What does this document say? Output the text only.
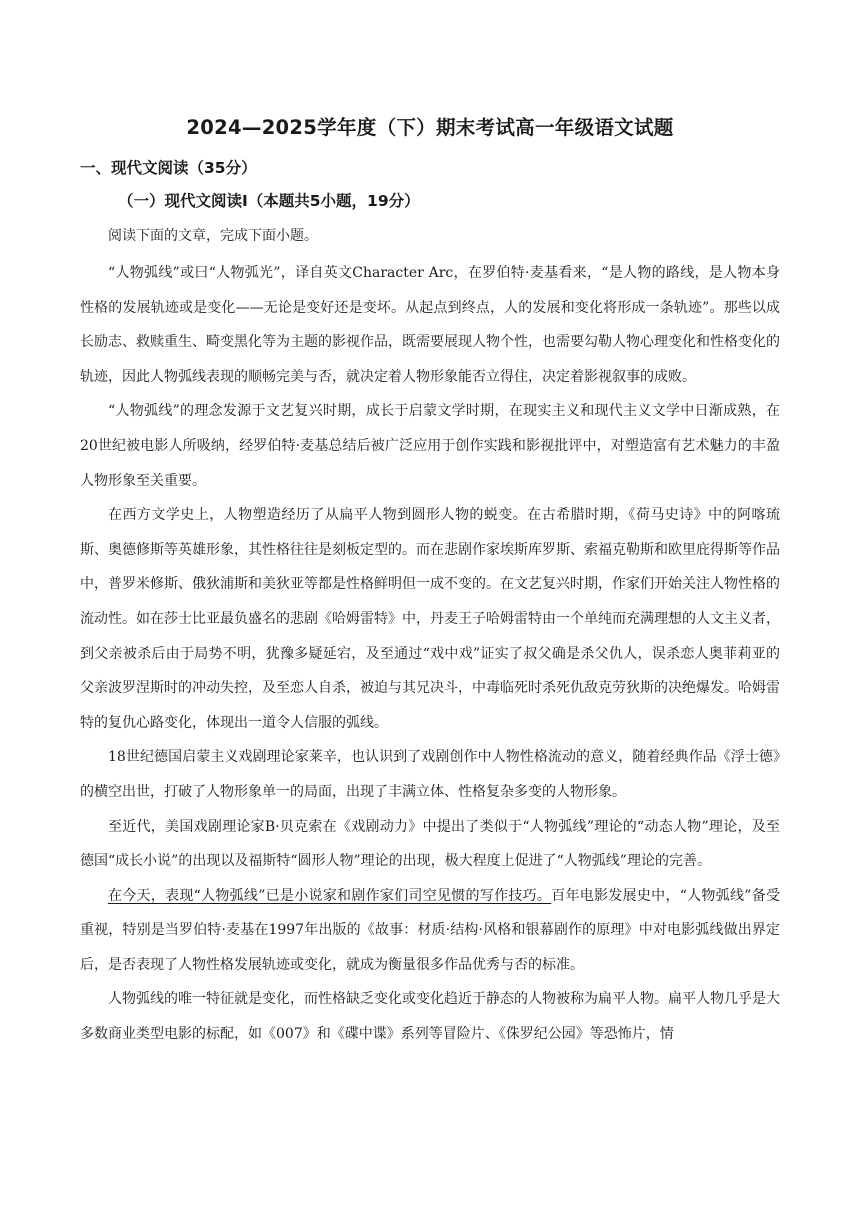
2024—2025学年度（下）期末考试高一年级语文试题
一、现代文阅读（35分）
（一）现代文阅读Ⅰ（本题共5小题，19分）
阅读下面的文章，完成下面小题。

“人物弧线”或曰“人物弧光”，译自英文Character Arc，在罗伯特·麦基看来，“是人物的路线，是人物本身性格的发展轨迹或是变化——无论是变好还是变坏。从起点到终点，人的发展和变化将形成一条轨迹”。那些以成长励志、救赎重生、畸变黑化等为主题的影视作品，既需要展现人物个性，也需要勾勒人物心理变化和性格变化的轨迹，因此人物弧线表现的顺畅完美与否，就决定着人物形象能否立得住，决定着影视叙事的成败。

“人物弧线”的理念发源于文艺复兴时期，成长于启蒙文学时期，在现实主义和现代主义文学中日渐成熟，在20世纪被电影人所吸纳，经罗伯特·麦基总结后被广泛应用于创作实践和影视批评中，对塑造富有艺术魅力的丰盈人物形象至关重要。

在西方文学史上，人物塑造经历了从扁平人物到圆形人物的蜕变。在古希腊时期，《荷马史诗》中的阿喀琉斯、奥德修斯等英雄形象，其性格往往是刻板定型的。而在悲剧作家埃斯库罗斯、索福克勒斯和欧里庇得斯等作品中，普罗米修斯、俄狄浦斯和美狄亚等都是性格鲜明但一成不变的。在文艺复兴时期，作家们开始关注人物性格的流动性。如在莎士比亚最负盛名的悲剧《哈姆雷特》中，丹麦王子哈姆雷特由一个单纯而充满理想的人文主义者，到父亲被杀后由于局势不明，犹豫多疑延宕，及至通过“戏中戏”证实了叔父确是杀父仇人，误杀恋人奥菲莉亚的父亲波罗涅斯时的冲动失控，及至恋人自杀，被迫与其兄决斗，中毒临死时杀死仇敌克劳狄斯的决绝爆发。哈姆雷特的复仇心路变化，体现出一道令人信服的弧线。

18世纪德国启蒙主义戏剧理论家莱辛，也认识到了戏剧创作中人物性格流动的意义，随着经典作品《浮士德》的横空出世，打破了人物形象单一的局面，出现了丰满立体、性格复杂多变的人物形象。

至近代，美国戏剧理论家B·贝克索在《戏剧动力》中提出了类似于“人物弧线”理论的“动态人物”理论，及至德国“成长小说”的出现以及福斯特“圆形人物”理论的出现，极大程度上促进了“人物弧线”理论的完善。

在今天，表现“人物弧线”已是小说家和剧作家们司空见惯的写作技巧。百年电影发展史中，“人物弧线”备受重视，特别是当罗伯特·麦基在1997年出版的《故事：材质·结构·风格和银幕剧作的原理》中对电影弧线做出界定后，是否表现了人物性格发展轨迹或变化，就成为衡量很多作品优秀与否的标准。

人物弧线的唯一特征就是变化，而性格缺乏变化或变化趋近于静态的人物被称为扁平人物。扁平人物几乎是大多数商业类型电影的标配，如《007》和《碟中谍》系列等冒险片、《侏罗纪公园》等恐怖片，情
